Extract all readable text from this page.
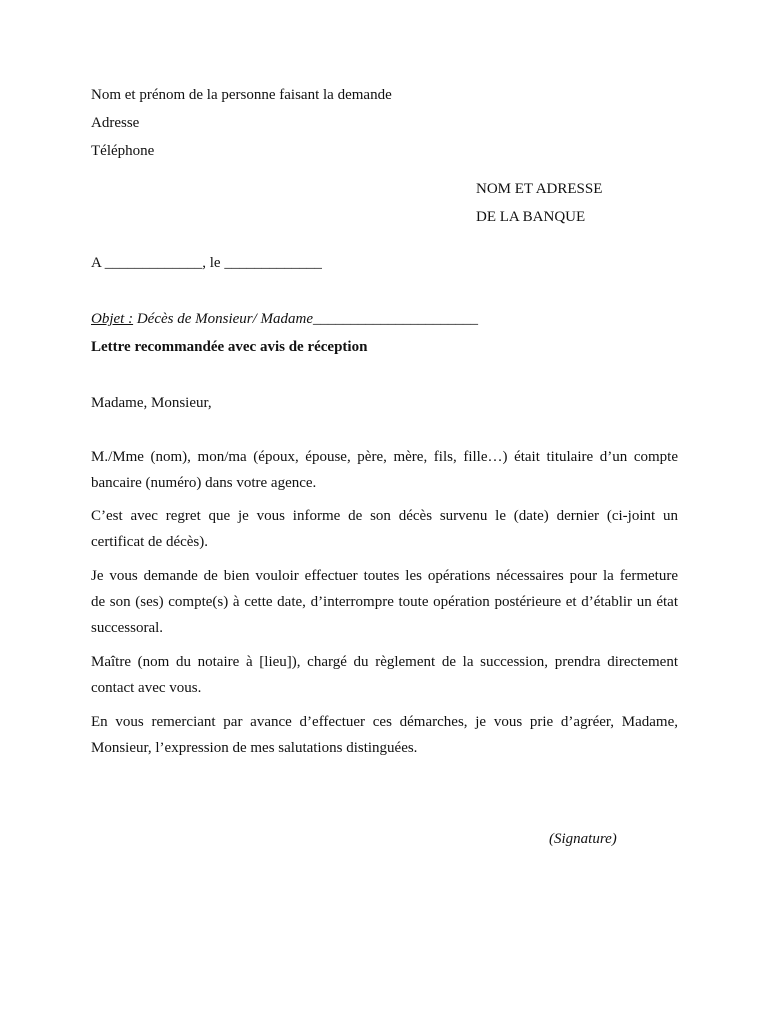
Nom et prénom de la personne faisant la demande
Adresse
Téléphone
NOM ET ADRESSE
DE LA BANQUE
A _____________, le _____________
Objet : Décès de Monsieur/ Madame______________________
Lettre recommandée avec avis de réception
Madame, Monsieur,
M./Mme (nom), mon/ma (époux, épouse, père, mère, fils, fille…) était titulaire d’un compte
bancaire (numéro) dans votre agence.
C’est avec regret que je vous informe de son décès survenu le (date) dernier (ci-joint un
certificat de décès).
Je vous demande de bien vouloir effectuer toutes les opérations nécessaires pour la fermeture
de son (ses) compte(s) à cette date, d’interrompre toute opération postérieure et d’établir un état
successoral.
Maître (nom du notaire à [lieu]), chargé du règlement de la succession, prendra directement
contact avec vous.
En vous remerciant par avance d’effectuer ces démarches, je vous prie d’agréer, Madame,
Monsieur, l’expression de mes salutations distinguées.
(Signature)
